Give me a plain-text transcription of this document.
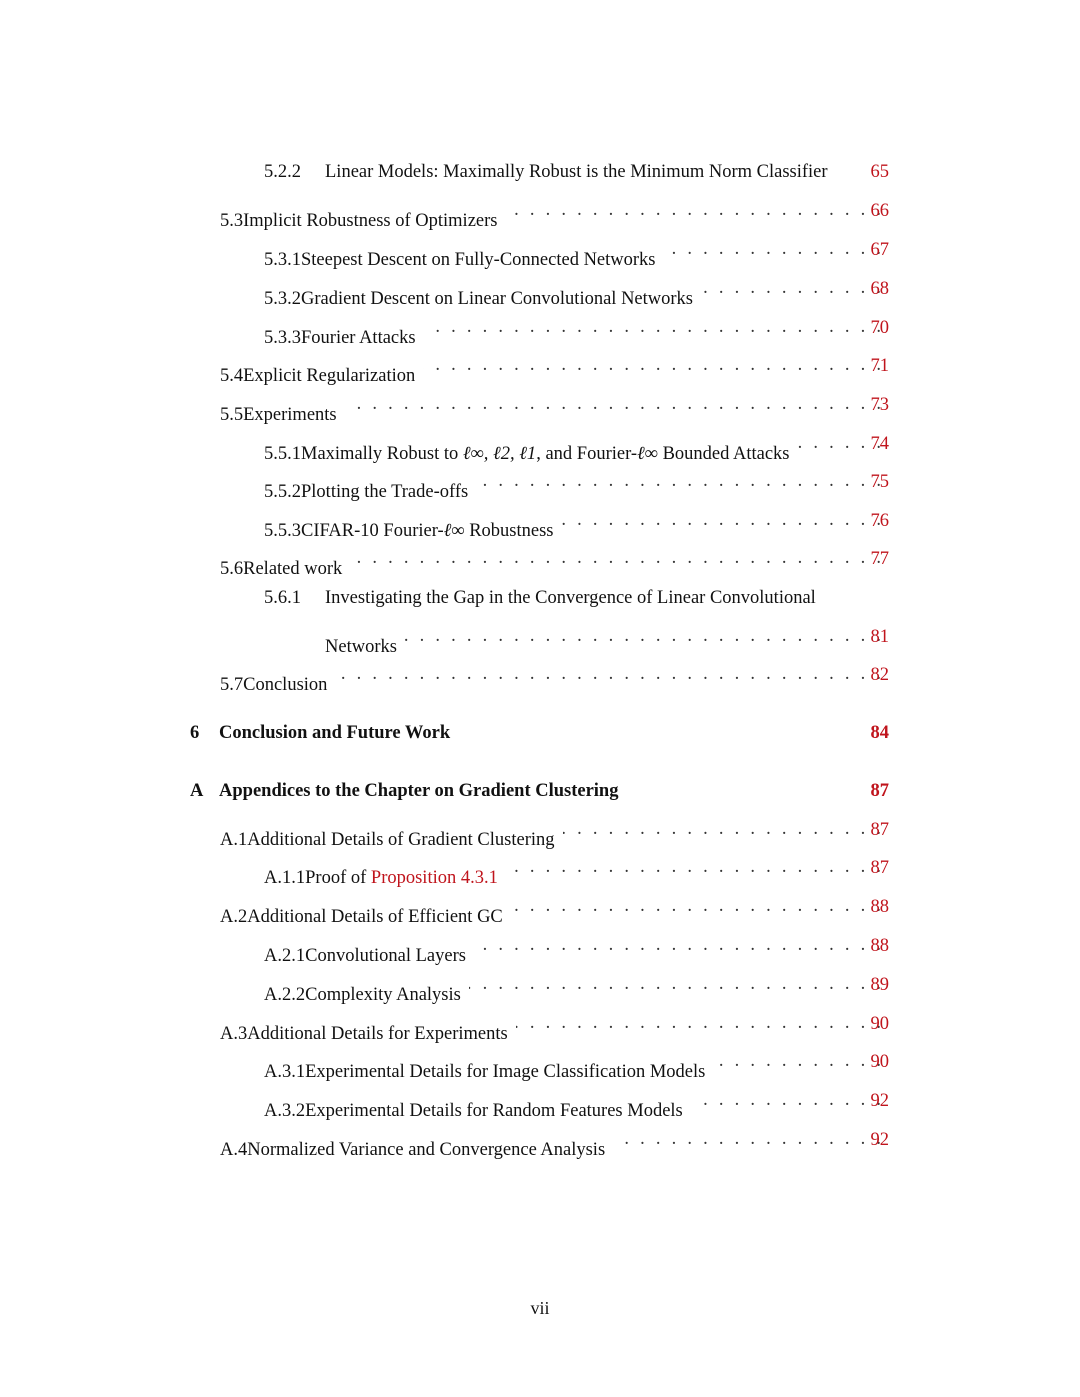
5.2.2	Linear Models: Maximally Robust is the Minimum Norm Classifier	65
5.3 Implicit Robustness of Optimizers . . .	66
5.3.1 Steepest Descent on Fully-Connected Networks . . .	67
5.3.2 Gradient Descent on Linear Convolutional Networks . . .	68
5.3.3 Fourier Attacks . . .	70
5.4 Explicit Regularization . . .	71
5.5 Experiments . . .	73
5.5.1 Maximally Robust to ℓ∞, ℓ2, ℓ1, and Fourier-ℓ∞ Bounded Attacks . . .	74
5.5.2 Plotting the Trade-offs . . .	75
5.5.3 CIFAR-10 Fourier-ℓ∞ Robustness . . .	76
5.6 Related work . . .	77
5.6.1	Investigating the Gap in the Convergence of Linear Convolutional
Networks . . .	81
5.7 Conclusion . . .	82
6	Conclusion and Future Work	84
A Appendices to the Chapter on Gradient Clustering	87
A.1 Additional Details of Gradient Clustering . . .	87
A.1.1 Proof of Proposition 4.3.1 . . .	87
A.2 Additional Details of Efficient GC . . .	88
A.2.1 Convolutional Layers . . .	88
A.2.2 Complexity Analysis . . .	89
A.3 Additional Details for Experiments . . .	90
A.3.1 Experimental Details for Image Classification Models . . .	90
A.3.2 Experimental Details for Random Features Models . . .	92
A.4 Normalized Variance and Convergence Analysis . . .	92
vii
